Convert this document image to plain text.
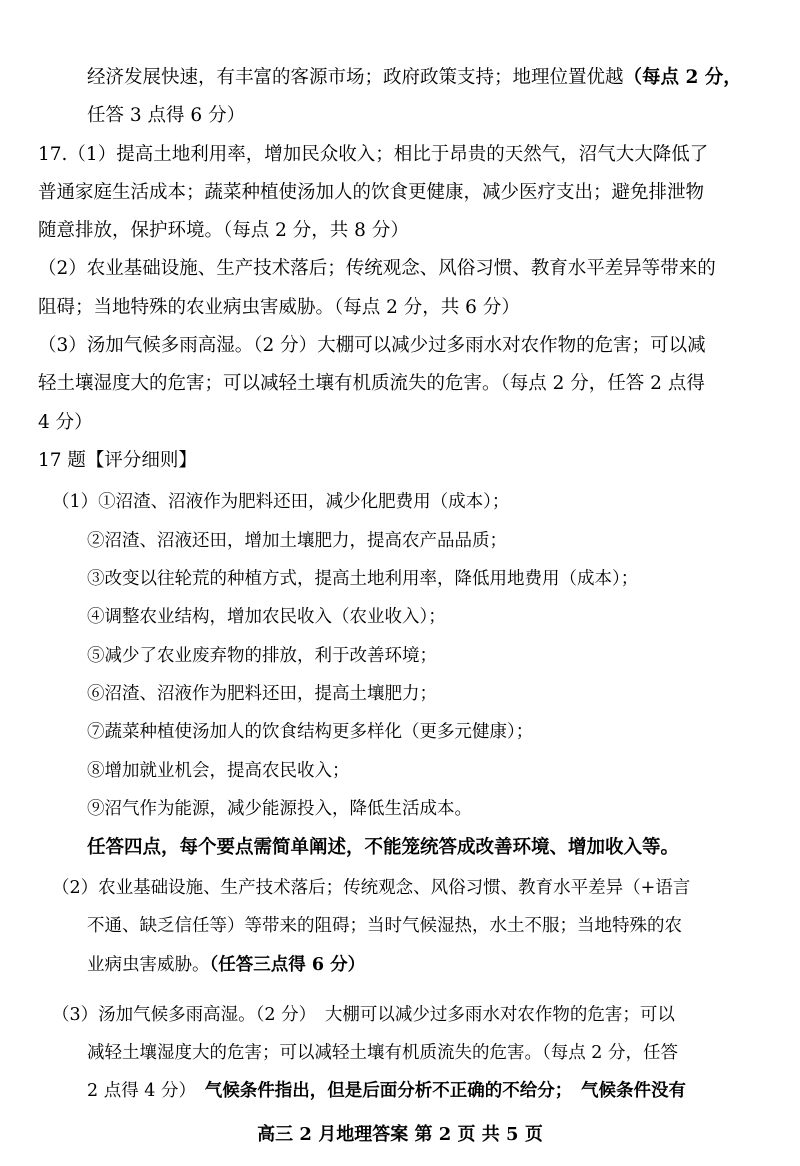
经济发展快速，有丰富的客源市场；政府政策支持；地理位置优越（每点 2 分，
任答 3 点得 6 分）
17.（1）提高土地利用率，增加民众收入；相比于昂贵的天然气，沼气大大降低了
普通家庭生活成本；蔬菜种植使汤加人的饮食更健康，减少医疗支出；避免排泄物
随意排放，保护环境。（每点 2 分，共 8 分）
（2）农业基础设施、生产技术落后；传统观念、风俗习惯、教育水平差异等带来的
阻碍；当地特殊的农业病虫害威胁。（每点 2 分，共 6 分）
（3）汤加气候多雨高湿。（2 分）大棚可以减少过多雨水对农作物的危害；可以减
轻土壤湿度大的危害；可以减轻土壤有机质流失的危害。（每点 2 分，任答 2 点得
4 分）
17 题【评分细则】
（1）①沼渣、沼液作为肥料还田，减少化肥费用（成本）；
②沼渣、沼液还田，增加土壤肥力，提高农产品品质；
③改变以往轮荒的种植方式，提高土地利用率，降低用地费用（成本）；
④调整农业结构，增加农民收入（农业收入）；
⑤减少了农业废弃物的排放，利于改善环境；
⑥沼渣、沼液作为肥料还田，提高土壤肥力；
⑦蔬菜种植使汤加人的饮食结构更多样化（更多元健康）；
⑧增加就业机会，提高农民收入；
⑨沼气作为能源，减少能源投入，降低生活成本。
任答四点，每个要点需简单阐述，不能笼统答成改善环境、增加收入等。
（2）农业基础设施、生产技术落后；传统观念、风俗习惯、教育水平差异（+语言
不通、缺乏信任等）等带来的阻碍；当时气候湿热，水土不服；当地特殊的农
业病虫害威胁。（任答三点得 6 分）
（3）汤加气候多雨高湿。（2 分）　大棚可以减少过多雨水对农作物的危害；可以
减轻土壤湿度大的危害；可以减轻土壤有机质流失的危害。（每点 2 分，任答
2 点得 4 分）　气候条件指出，但是后面分析不正确的不给分；　气候条件没有
高三 2 月地理答案 第 2 页 共 5 页
